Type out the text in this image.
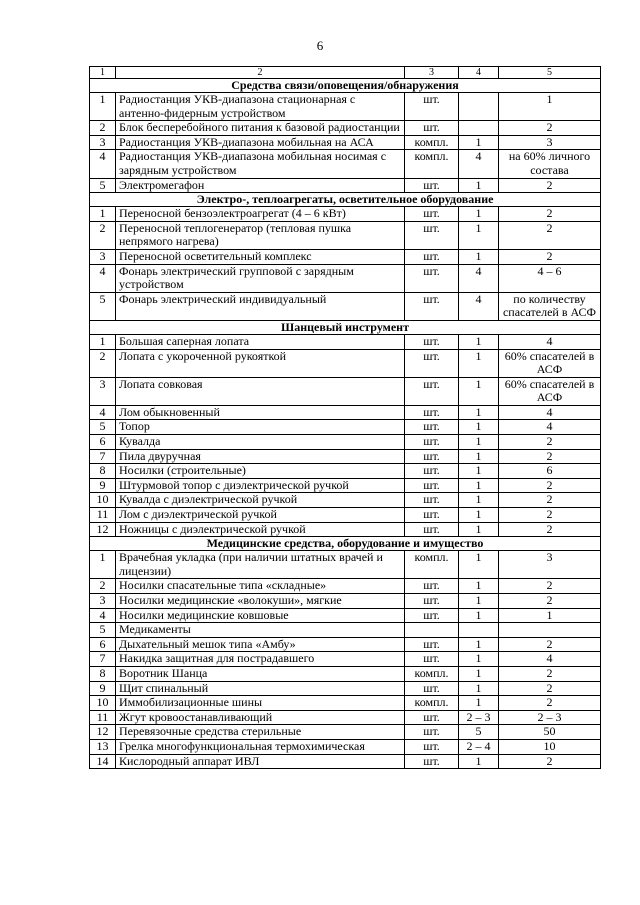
6
1	2	3	4	5
Средства связи/оповещения/обнаружения				
1	Радиостанция УКВ-диапазона стационарная с антенно-фидерным устройством	шт.		1
2	Блок бесперебойного питания к базовой радиостанции	шт.		2
3	Радиостанция УКВ-диапазона мобильная на АСА	компл.	1	3
4	Радиостанция УКВ-диапазона мобильная носимая с зарядным устройством	компл.	4	на 60% личного состава
5	Электромегафон	шт.	1	2
Электро-, теплоагрегаты, осветительное оборудование				
1	Переносной бензоэлектроагрегат (4 – 6 кВт)	шт.	1	2
2	Переносной теплогенератор (тепловая пушка непрямого нагрева)	шт.	1	2
3	Переносной осветительный комплекс	шт.	1	2
4	Фонарь электрический групповой с зарядным устройством	шт.	4	4 – 6
5	Фонарь электрический индивидуальный	шт.	4	по количеству спасателей в АСФ
Шанцевый инструмент				
1	Большая саперная лопата	шт.	1	4
2	Лопата с укороченной рукояткой	шт.	1	60% спасателей в АСФ
3	Лопата совковая	шт.	1	60% спасателей в АСФ
4	Лом обыкновенный	шт.	1	4
5	Топор	шт.	1	4
6	Кувалда	шт.	1	2
7	Пила двуручная	шт.	1	2
8	Носилки (строительные)	шт.	1	6
9	Штурмовой топор с диэлектрической ручкой	шт.	1	2
10	Кувалда с диэлектрической ручкой	шт.	1	2
11	Лом с диэлектрической ручкой	шт.	1	2
12	Ножницы с диэлектрической ручкой	шт.	1	2
Медицинские средства, оборудование и имущество				
1	Врачебная укладка (при наличии штатных врачей и лицензии)	компл.	1	3
2	Носилки спасательные типа «складные»	шт.	1	2
3	Носилки медицинские «волокуши», мягкие	шт.	1	2
4	Носилки медицинские ковшовые	шт.	1	1
5	Медикаменты			
6	Дыхательный мешок типа «Амбу»	шт.	1	2
7	Накидка защитная для пострадавшего	шт.	1	4
8	Воротник Шанца	компл.	1	2
9	Щит спинальный	шт.	1	2
10	Иммобилизационные шины	компл.	1	2
11	Жгут кровоостанавливающий	шт.	2 – 3	2 – 3
12	Перевязочные средства стерильные	шт.	5	50
13	Грелка многофункциональная термохимическая	шт.	2 – 4	10
14	Кислородный аппарат ИВЛ	шт.	1	2
